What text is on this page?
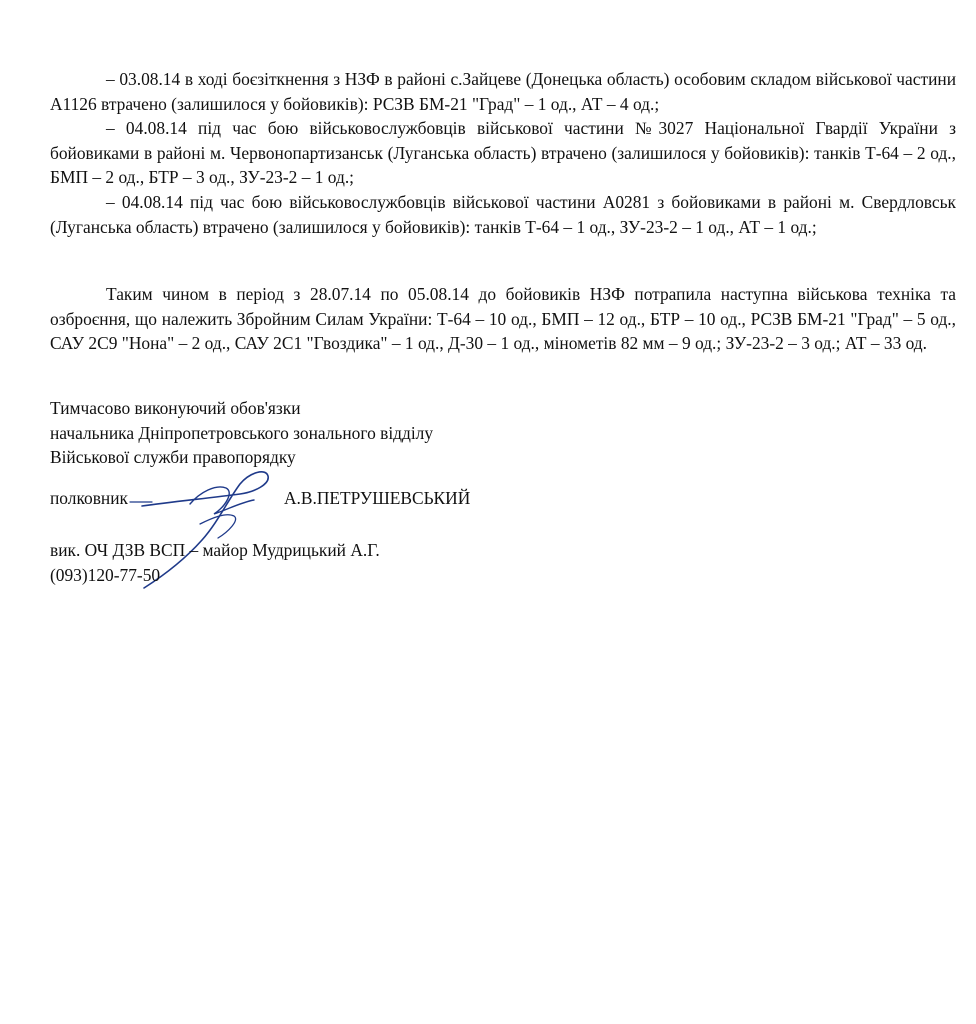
– 03.08.14 в ході боєзіткнення з НЗФ в районі с.Зайцеве (Донецька область) особовим складом військової частини А1126 втрачено (залишилося у бойовиків): РСЗВ БМ-21 "Град" – 1 од., АТ – 4 од.;

– 04.08.14 під час бою військовослужбовців військової частини №3027 Національної Гвардії України з бойовиками в районі м. Червонопартизанськ (Луганська область) втрачено (залишилося у бойовиків): танків Т-64 – 2 од., БМП – 2 од., БТР – 3 од., ЗУ-23-2 – 1 од.;

– 04.08.14 під час бою військовослужбовців військової частини А0281 з бойовиками в районі м. Свердловськ (Луганська область) втрачено (залишилося у бойовиків): танків Т-64 – 1 од., ЗУ-23-2 – 1 од., АТ – 1 од.;

Таким чином в період з 28.07.14 по 05.08.14 до бойовиків НЗФ потрапила наступна військова техніка та озброєння, що належить Збройним Силам України: Т-64 – 10 од., БМП – 12 од., БТР – 10 од., РСЗВ БМ-21 "Град" – 5 од., САУ 2С9 "Нона" – 2 од., САУ 2С1 "Гвоздика" – 1 од., Д-30 – 1 од., мінометів 82 мм – 9 од.; ЗУ-23-2 – 3 од.; АТ – 33 од.

Тимчасово виконуючий обов'язки
начальника Дніпропетровського зонального відділу
Військової служби правопорядку
полковник	А.В.ПЕТРУШЕВСЬКИЙ
вик. ОЧ ДЗВ ВСП – майор Мудрицький А.Г.
(093)120-77-50
